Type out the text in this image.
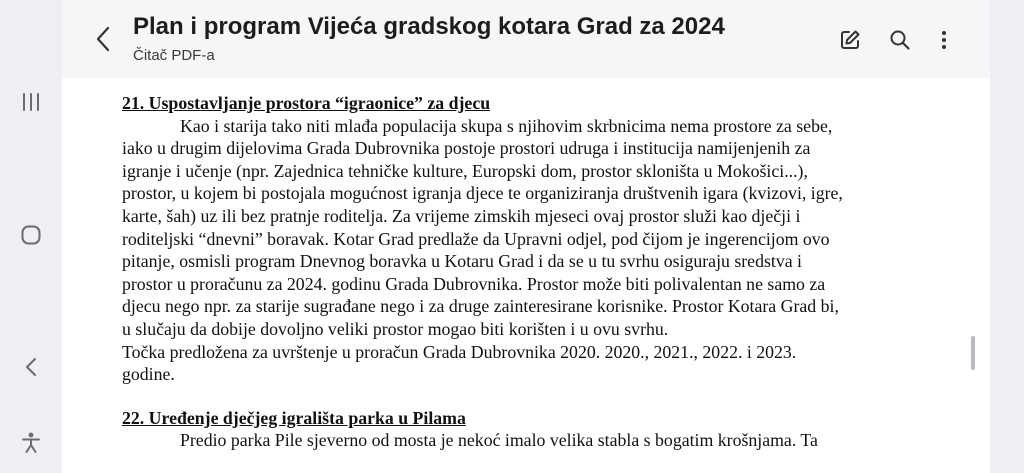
Plan i program Vijeća gradskog kotara Grad za 2024
Čitač PDF-a
21. Uspostavljanje prostora “igraonice” za djecu
Kao i starija tako niti mlađa populacija skupa s njihovim skrbnicima nema prostore za sebe,
iako u drugim dijelovima Grada Dubrovnika postoje prostori udruga i institucija namijenjenih za
igranje i učenje (npr. Zajednica tehničke kulture, Europski dom, prostor skloništa u Mokošici...),
prostor, u kojem bi postojala mogućnost igranja djece te organiziranja društvenih igara (kvizovi, igre,
karte, šah) uz ili bez pratnje roditelja. Za vrijeme zimskih mjeseci ovaj prostor služi kao dječji i
roditeljski “dnevni” boravak. Kotar Grad predlaže da Upravni odjel, pod čijom je ingerencijom ovo
pitanje, osmisli program Dnevnog boravka u Kotaru Grad i da se u tu svrhu osiguraju sredstva i
prostor u proračunu za 2024. godinu Grada Dubrovnika. Prostor može biti polivalentan ne samo za
djecu nego npr. za starije sugrađane nego i za druge zainteresirane korisnike. Prostor Kotara Grad bi,
u slučaju da dobije dovoljno veliki prostor mogao biti korišten i u ovu svrhu.
Točka predložena za uvrštenje u proračun Grada Dubrovnika 2020. 2020., 2021., 2022. i 2023.
godine.
22. Uređenje dječjeg igrališta parka u Pilama
Predio parka Pile sjeverno od mosta je nekoć imalo velika stabla s bogatim krošnjama. Ta
